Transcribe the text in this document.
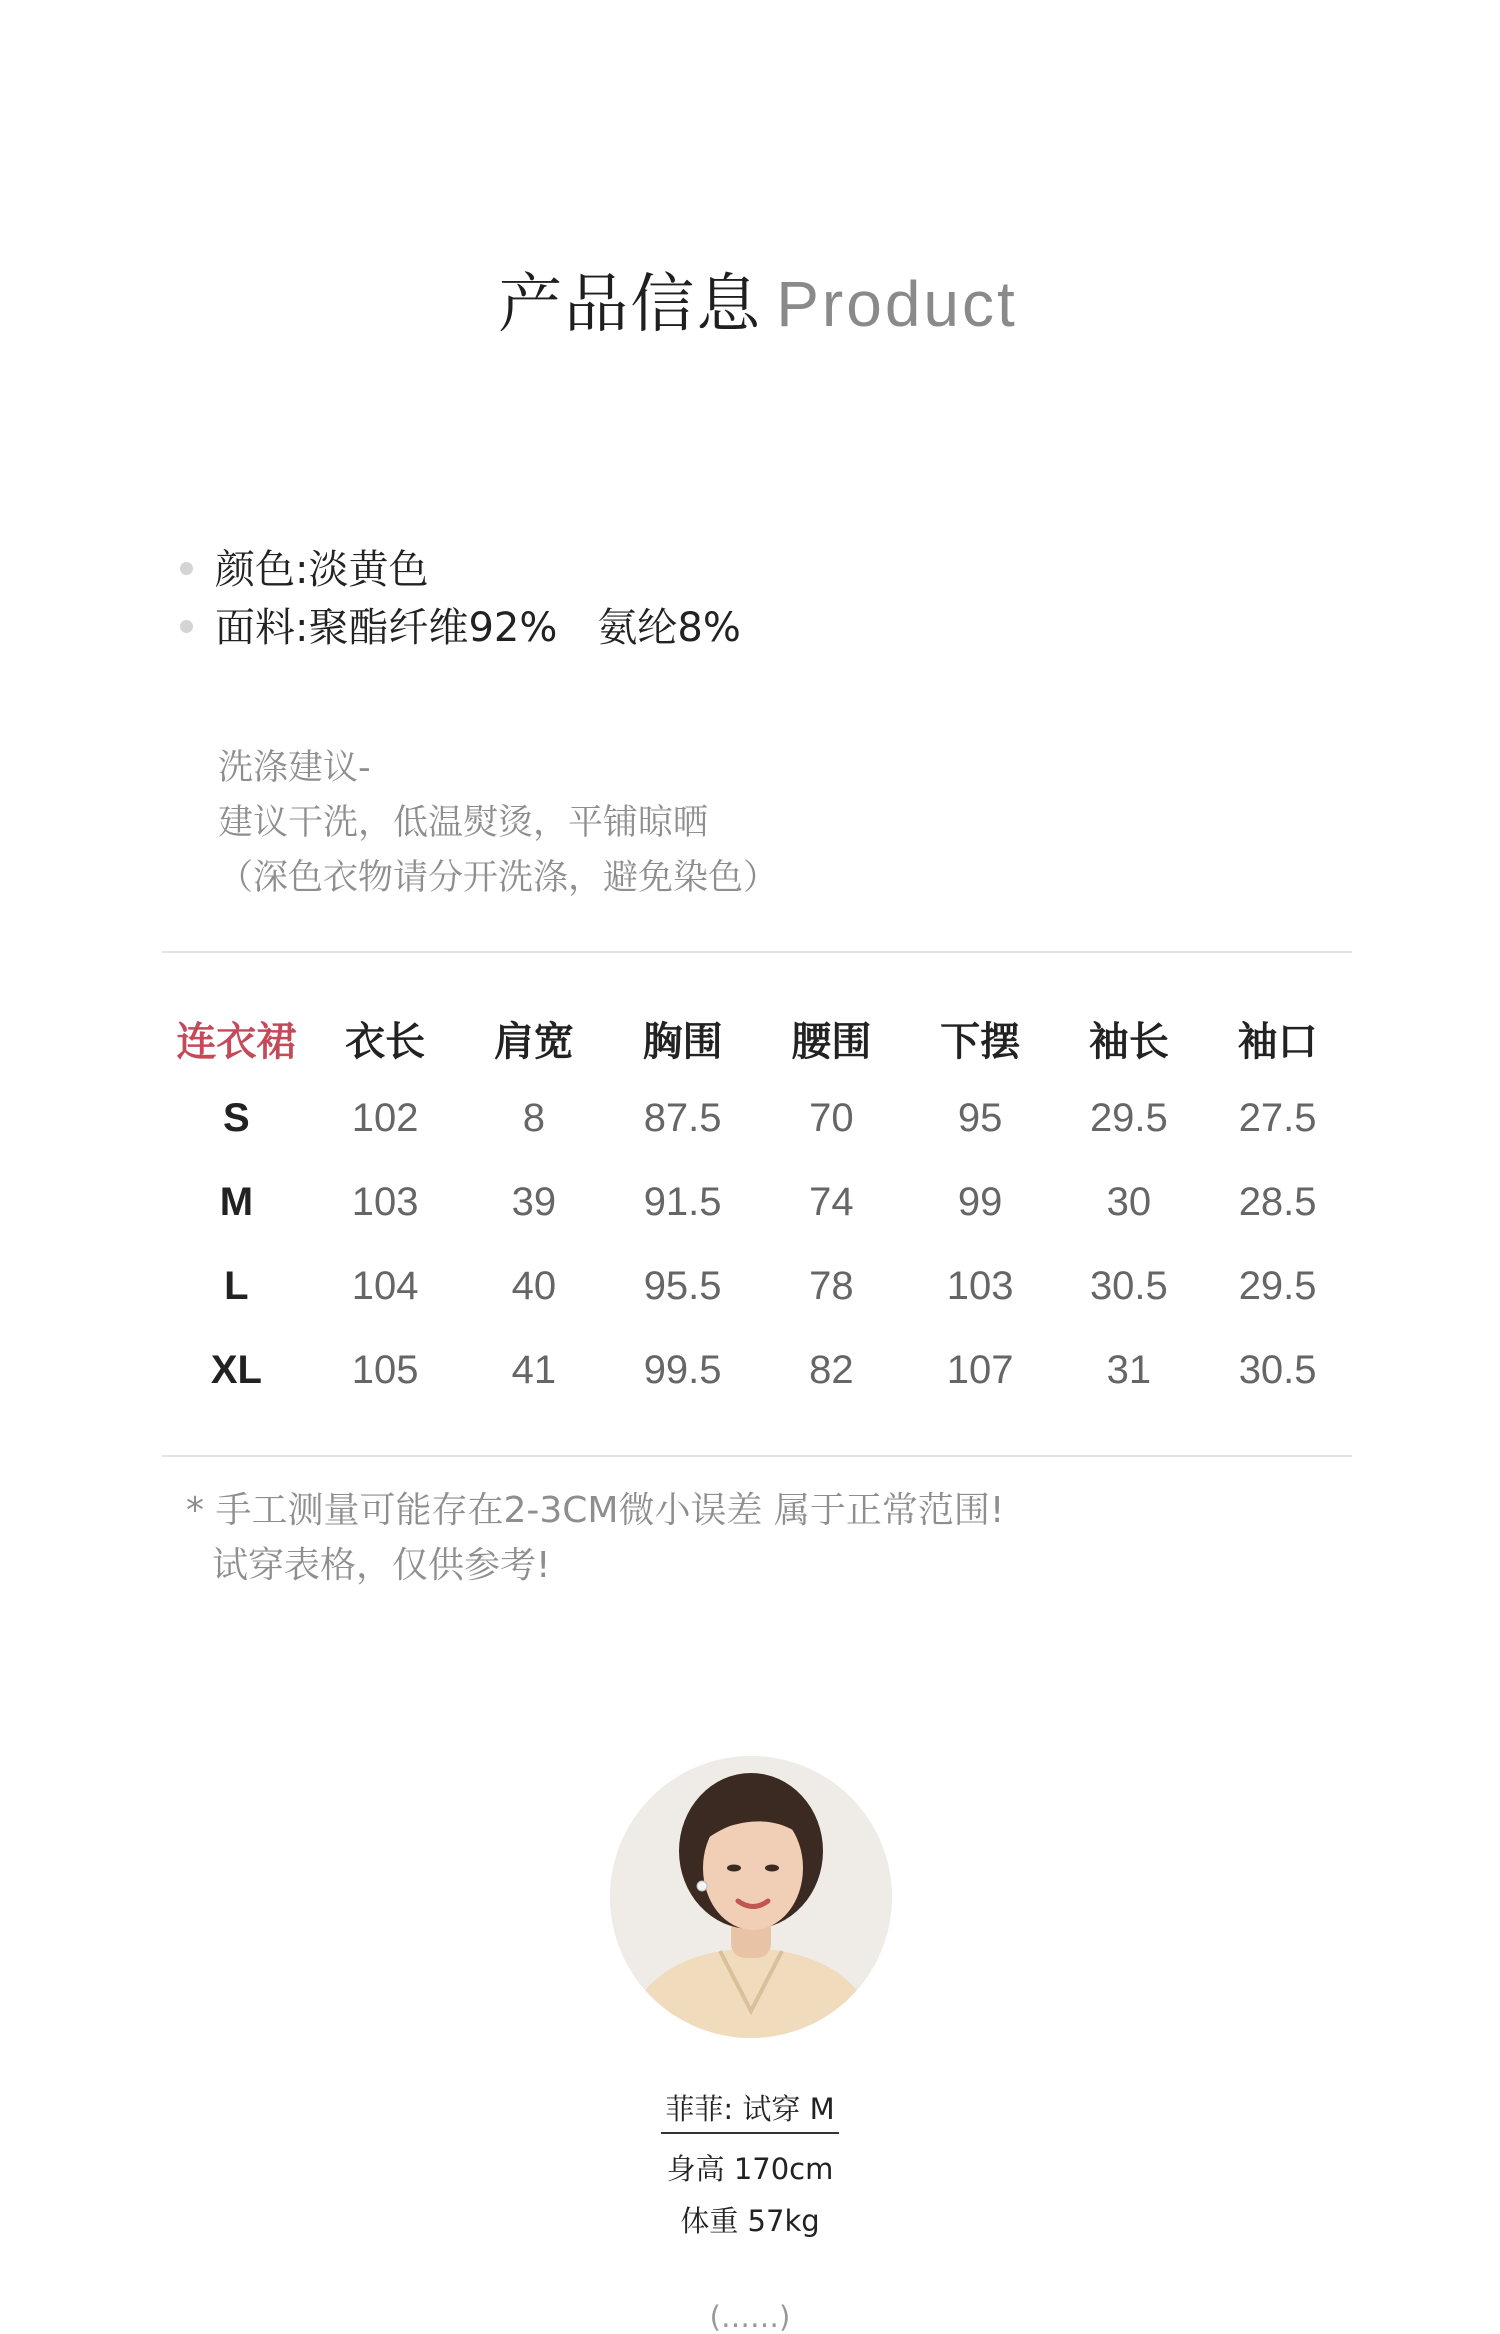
产品信息 Product
颜色:淡黄色
面料:聚酯纤维92%　氨纶8%
洗涤建议-
建议干洗，低温熨烫，平铺晾晒
（深色衣物请分开洗涤，避免染色）
连衣裙	衣长	肩宽	胸围	腰围	下摆	袖长	袖口
S	102	8	87.5	70	95	29.5	27.5
M	103	39	91.5	74	99	30	28.5
L	104	40	95.5	78	103	30.5	29.5
XL	105	41	99.5	82	107	31	30.5
* 手工测量可能存在2-3CM微小误差 属于正常范围!
试穿表格，仅供参考!
菲菲: 试穿 M
身高 170cm
体重 57kg
(……)
